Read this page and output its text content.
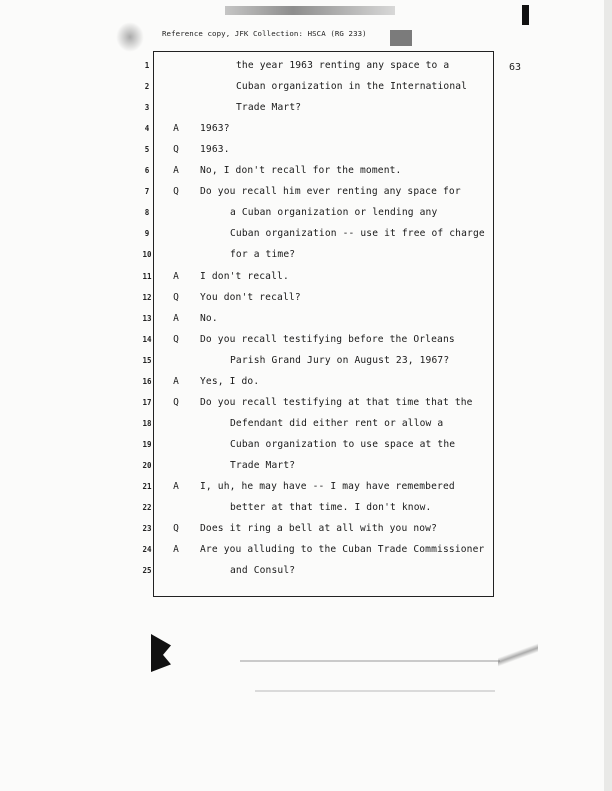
Reference copy, JFK Collection: HSCA (RG 233)
63
1	the year 1963 renting any space to a
2	Cuban organization in the International
3	Trade Mart?
4	A	1963?
5	Q	1963.
6	A	No, I don't recall for the moment.
7	Q	Do you recall him ever renting any space for
8	a Cuban organization or lending any
9	Cuban organization -- use it free of charge
10	for a time?
11	A	I don't recall.
12	Q	You don't recall?
13	A	No.
14	Q	Do you recall testifying before the Orleans
15	Parish Grand Jury on August 23, 1967?
16	A	Yes, I do.
17	Q	Do you recall testifying at that time that the
18	Defendant did either rent or allow a
19	Cuban organization to use space at the
20	Trade Mart?
21	A	I, uh, he may have -- I may have remembered
22	better at that time. I don't know.
23	Q	Does it ring a bell at all with you now?
24	A	Are you alluding to the Cuban Trade Commissioner
25	and Consul?
